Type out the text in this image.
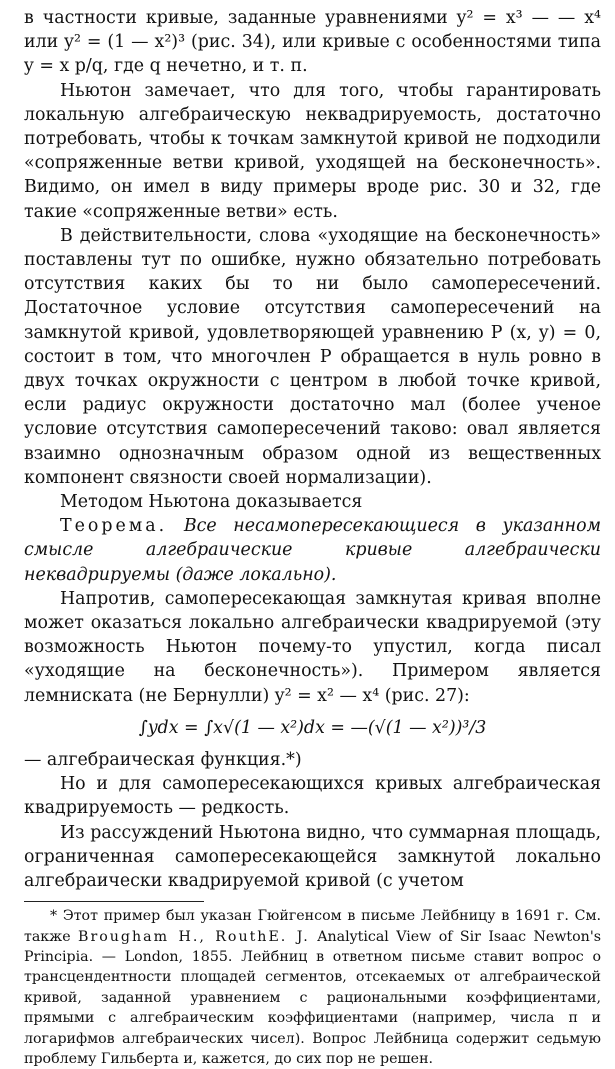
в частности кривые, заданные уравнениями y² = x³ — — x⁴ или y² = (1 — x²)³ (рис. 34), или кривые с особенностями типа y = x p/q, где q нечетно, и т. п.

Ньютон замечает, что для того, чтобы гарантировать локальную алгебраическую неквадрируемость, достаточно потребовать, чтобы к точкам замкнутой кривой не подходили «сопряженные ветви кривой, уходящей на бесконечность». Видимо, он имел в виду примеры вроде рис. 30 и 32, где такие «сопряженные ветви» есть.

В действительности, слова «уходящие на бесконечность» поставлены тут по ошибке, нужно обязательно потребовать отсутствия каких бы то ни было самопересечений. Достаточное условие отсутствия самопересечений на замкнутой кривой, удовлетворяющей уравнению P (x, y) = 0, состоит в том, что многочлен P обращается в нуль ровно в двух точках окружности с центром в любой точке кривой, если радиус окружности достаточно мал (более ученое условие отсутствия самопересечений таково: овал является взаимно однозначным образом одной из вещественных компонент связности своей нормализации).

Методом Ньютона доказывается

Теорема. Все несамопересекающиеся в указанном смысле алгебраические кривые алгебраически неквадрируемы (даже локально).

Напротив, самопересекающая замкнутая кривая вполне может оказаться локально алгебраически квадрируемой (эту возможность Ньютон почему-то упустил, когда писал «уходящие на бесконечность»). Примером является лемниската (не Бернулли) y² = x² — x⁴ (рис. 27):

∫ydx = ∫x√(1 — x²)dx = —(√(1 — x²))³/3

— алгебраическая функция.*)

Но и для самопересекающихся кривых алгебраическая квадрируемость — редкость.

Из рассуждений Ньютона видно, что суммарная площадь, ограниченная самопересекающейся замкнутой локально алгебраически квадрируемой кривой (с учетом

* Этот пример был указан Гюйгенсом в письме Лейбницу в 1691 г. См. также Brougham H., RouthE. J. Analytical View of Sir Isaac Newton's Principia. — London, 1855. Лейбниц в ответном письме ставит вопрос о трансцендентности площадей сегментов, отсекаемых от алгебраической кривой, заданной уравнением с рациональными коэффициентами, прямыми с алгебраическим коэффициентами (например, числа π и логарифмов алгебраических чисел). Вопрос Лейбница содержит седьмую проблему Гильберта и, кажется, до сих пор не решен.
